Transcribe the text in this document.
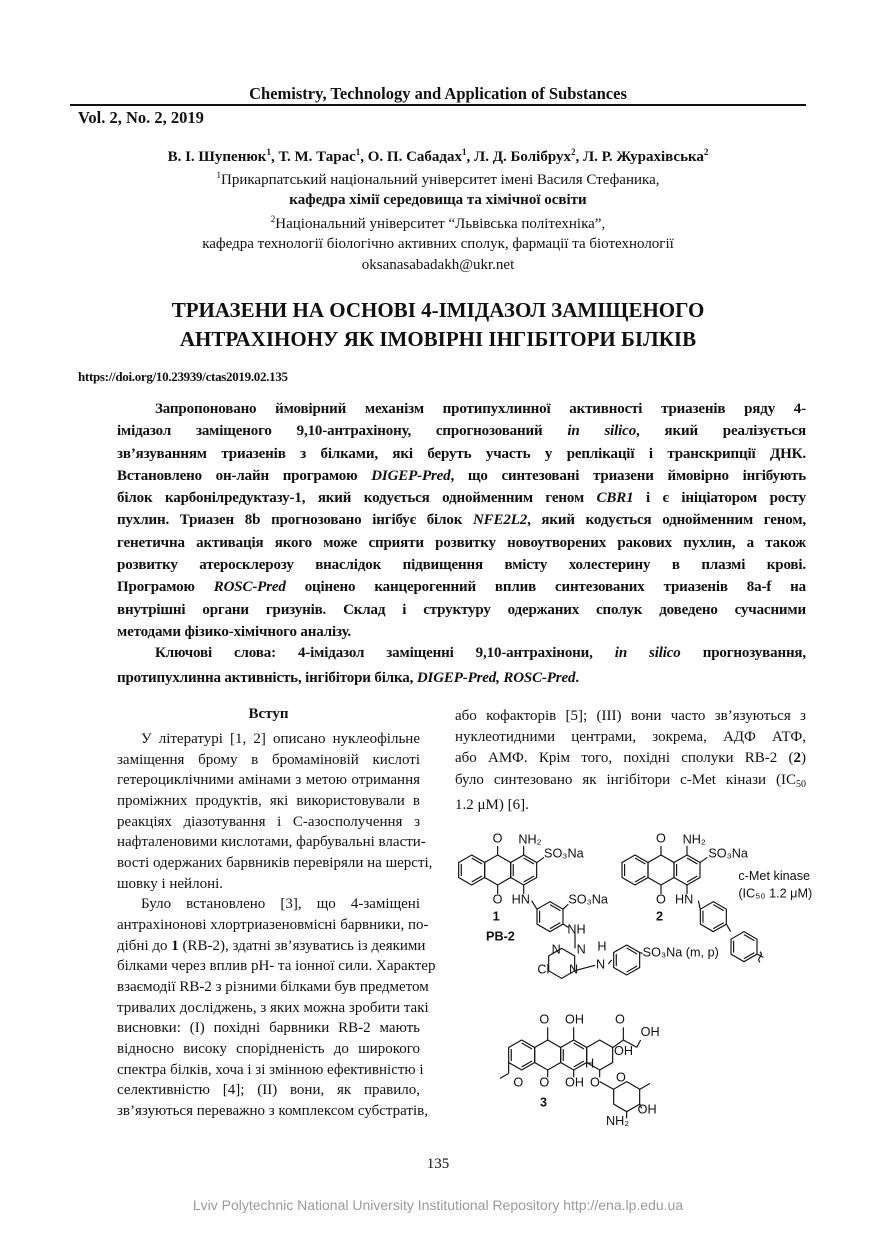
Chemistry, Technology and Application of Substances
Vol. 2, No. 2, 2019
В. І. Шупенюк$^1$, Т. М. Тарас$^1$, О. П. Сабадах$^1$, Л. Д. Болібрух$^2$, Л. Р. Журахівська$^2$
$^1$Прикарпатський національний університет імені Василя Стефаника,
кафедра хімії середовища та хімічної освіти
$^2$Національний університет “Львівська політехніка”,
кафедра технології біологічно активних сполук, фармації та біотехнології
oksanasabadakh@ukr.net
ТРИАЗЕНИ НА ОСНОВІ 4-ІМІДАЗОЛ ЗАМІЩЕНОГО
АНТРАХІНОНУ ЯК ІМОВІРНІ ІНГІБІТОРИ БІЛКІВ
https://doi.org/10.23939/ctas2019.02.135
Запропоновано ймовірний механізм протипухлинної активності триазенів ряду 4-
імідазол заміщеного 9,10-антрахінону, спрогнозований in silico, який реалізується
зв’язуванням триазенів з білками, які беруть участь у реплікації і транскрипції ДНК.
Встановлено он-лайн програмою DIGEP-Pred, що синтезовані триазени ймовірно інгібують
білок карбонілредуктазу-1, який кодується однойменним геном CBR1 і є ініціатором росту
пухлин. Триазен 8b прогнозовано інгібує білок NFE2L2, який кодується однойменним геном,
генетична активація якого може сприяти розвитку новоутворених ракових пухлин, а також
розвитку атеросклерозу внаслідок підвищення вмісту холестерину в плазмі крові.
Програмою ROSC-Pred оцінено канцерогенний вплив синтезованих триазенів 8a-f на
внутрішні органи гризунів. Склад і структуру одержаних сполук доведено сучасними
методами фізико-хімічного аналізу.
Ключові слова: 4-імідазол заміщенні 9,10-антрахінони, in silico прогнозування,
протипухлинна активність, інгібітори білка, DIGEP-Pred, ROSC-Pred.
Вступ
У літературі [1, 2] описано нуклеофільне
заміщення брому в бромаміновій кислоті
гетероциклічними амінами з метою отримання
проміжних продуктів, які використовували в
реакціях діазотування і С-азосполучення з
нафталеновими кислотами, фарбувальні власти-
вості одержаних барвників перевіряли на шерсті,
шовку і нейлоні.
Було встановлено [3], що 4-заміщені
антрахінонові хлортриазеновмісні барвники, по-
дібні до 1 (RB-2), здатні зв’язуватись із деякими
білками через вплив pH- та іонної сили. Характер
взаємодії RB-2 з різними білками був предметом
тривалих досліджень, з яких можна зробити такі
висновки: (I) похідні барвники RB-2 мають
відносно високу спорідненість до широкого
спектра білків, хоча і зі змінною ефективністю і
селективністю [4]; (II) вони, як правило,
зв’язуються переважно з комплексом субстратів,
або кофакторів [5]; (III) вони часто зв’язуються з
нуклеотидними центрами, зокрема, АДФ АТФ,
або АМФ. Крім того, похідні сполуки RB-2 (2)
було синтезовано як інгібітори c-Met кінази ($IC_{50}$
1.2 μM) [6].
O
O
NH₂
SO₃Na
HN SO₃Na
NH
N N
N
Cl
H
N
SO₃Na (m, p)
1
PB-2
O
O
NH₂
SO₃Na
HN
2
c-Met kinase
(IC₅₀ 1.2 μM)
O
O
OH
OH
O
OH
OH
H
O
O O
OH
NH₂
3
135
Lviv Polytechnic National University Institutional Repository http://ena.lp.edu.ua
